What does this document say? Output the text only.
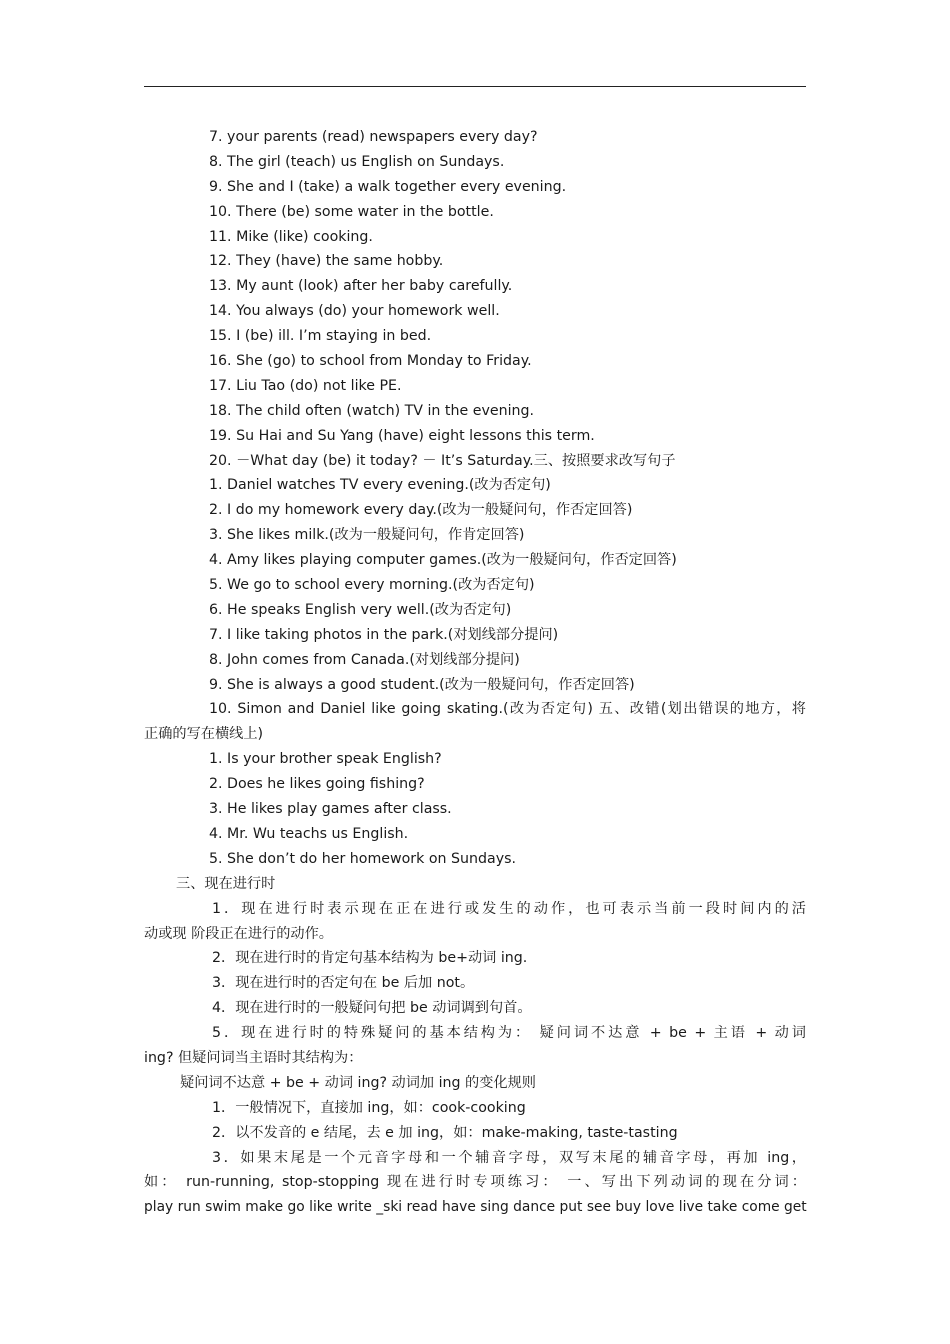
7. your parents (read) newspapers every day?
8. The girl (teach) us English on Sundays.
9. She and I (take) a walk together every evening.
10. There (be) some water in the bottle.
11. Mike (like) cooking.
12. They (have) the same hobby.
13. My aunt (look) after her baby carefully.
14. You always (do) your homework well.
15. I (be) ill. I’m staying in bed.
16. She (go) to school from Monday to Friday.
17. Liu Tao (do) not like PE.
18. The child often (watch) TV in the evening.
19. Su Hai and Su Yang (have) eight lessons this term.
20. －What day (be) it today? － It’s Saturday.三、按照要求改写句子
1. Daniel watches TV every evening.(改为否定句)
2. I do my homework every day.(改为一般疑问句，作否定回答)
3. She likes milk.(改为一般疑问句，作肯定回答)
4. Amy likes playing computer games.(改为一般疑问句，作否定回答)
5. We go to school every morning.(改为否定句)
6. He speaks English very well.(改为否定句)
7. I like taking photos in the park.(对划线部分提问)
8. John comes from Canada.(对划线部分提问)
9. She is always a good student.(改为一般疑问句，作否定回答)
10. Simon and Daniel like going skating.(改为否定句) 五、改错(划出错误的地方，将
正确的写在横线上)
1. Is your brother speak English?
2. Does he likes going fishing?
3. He likes play games after class.
4. Mr. Wu teachs us English.
5. She don’t do her homework on Sundays.
三、现在进行时
1．现在进行时表示现在正在进行或发生的动作，也可表示当前一段时间内的活
动或现 阶段正在进行的动作。
2．现在进行时的肯定句基本结构为 be+动词 ing.
3．现在进行时的否定句在 be 后加 not。
4．现在进行时的一般疑问句把 be 动词调到句首。
5．现在进行时的特殊疑问的基本结构为： 疑问词不达意 + be + 主语 + 动词
ing? 但疑问词当主语时其结构为：
疑问词不达意 + be + 动词 ing? 动词加 ing 的变化规则
1．一般情况下，直接加 ing，如：cook-cooking
2．以不发音的 e 结尾，去 e 加 ing，如：make-making, taste-tasting
3．如果末尾是一个元音字母和一个辅音字母，双写末尾的辅音字母，再加 ing，
如： run-running, stop-stopping 现在进行时专项练习： 一、写出下列动词的现在分词：
play run swim make go like write _ski read have sing dance put see buy love live take come get
